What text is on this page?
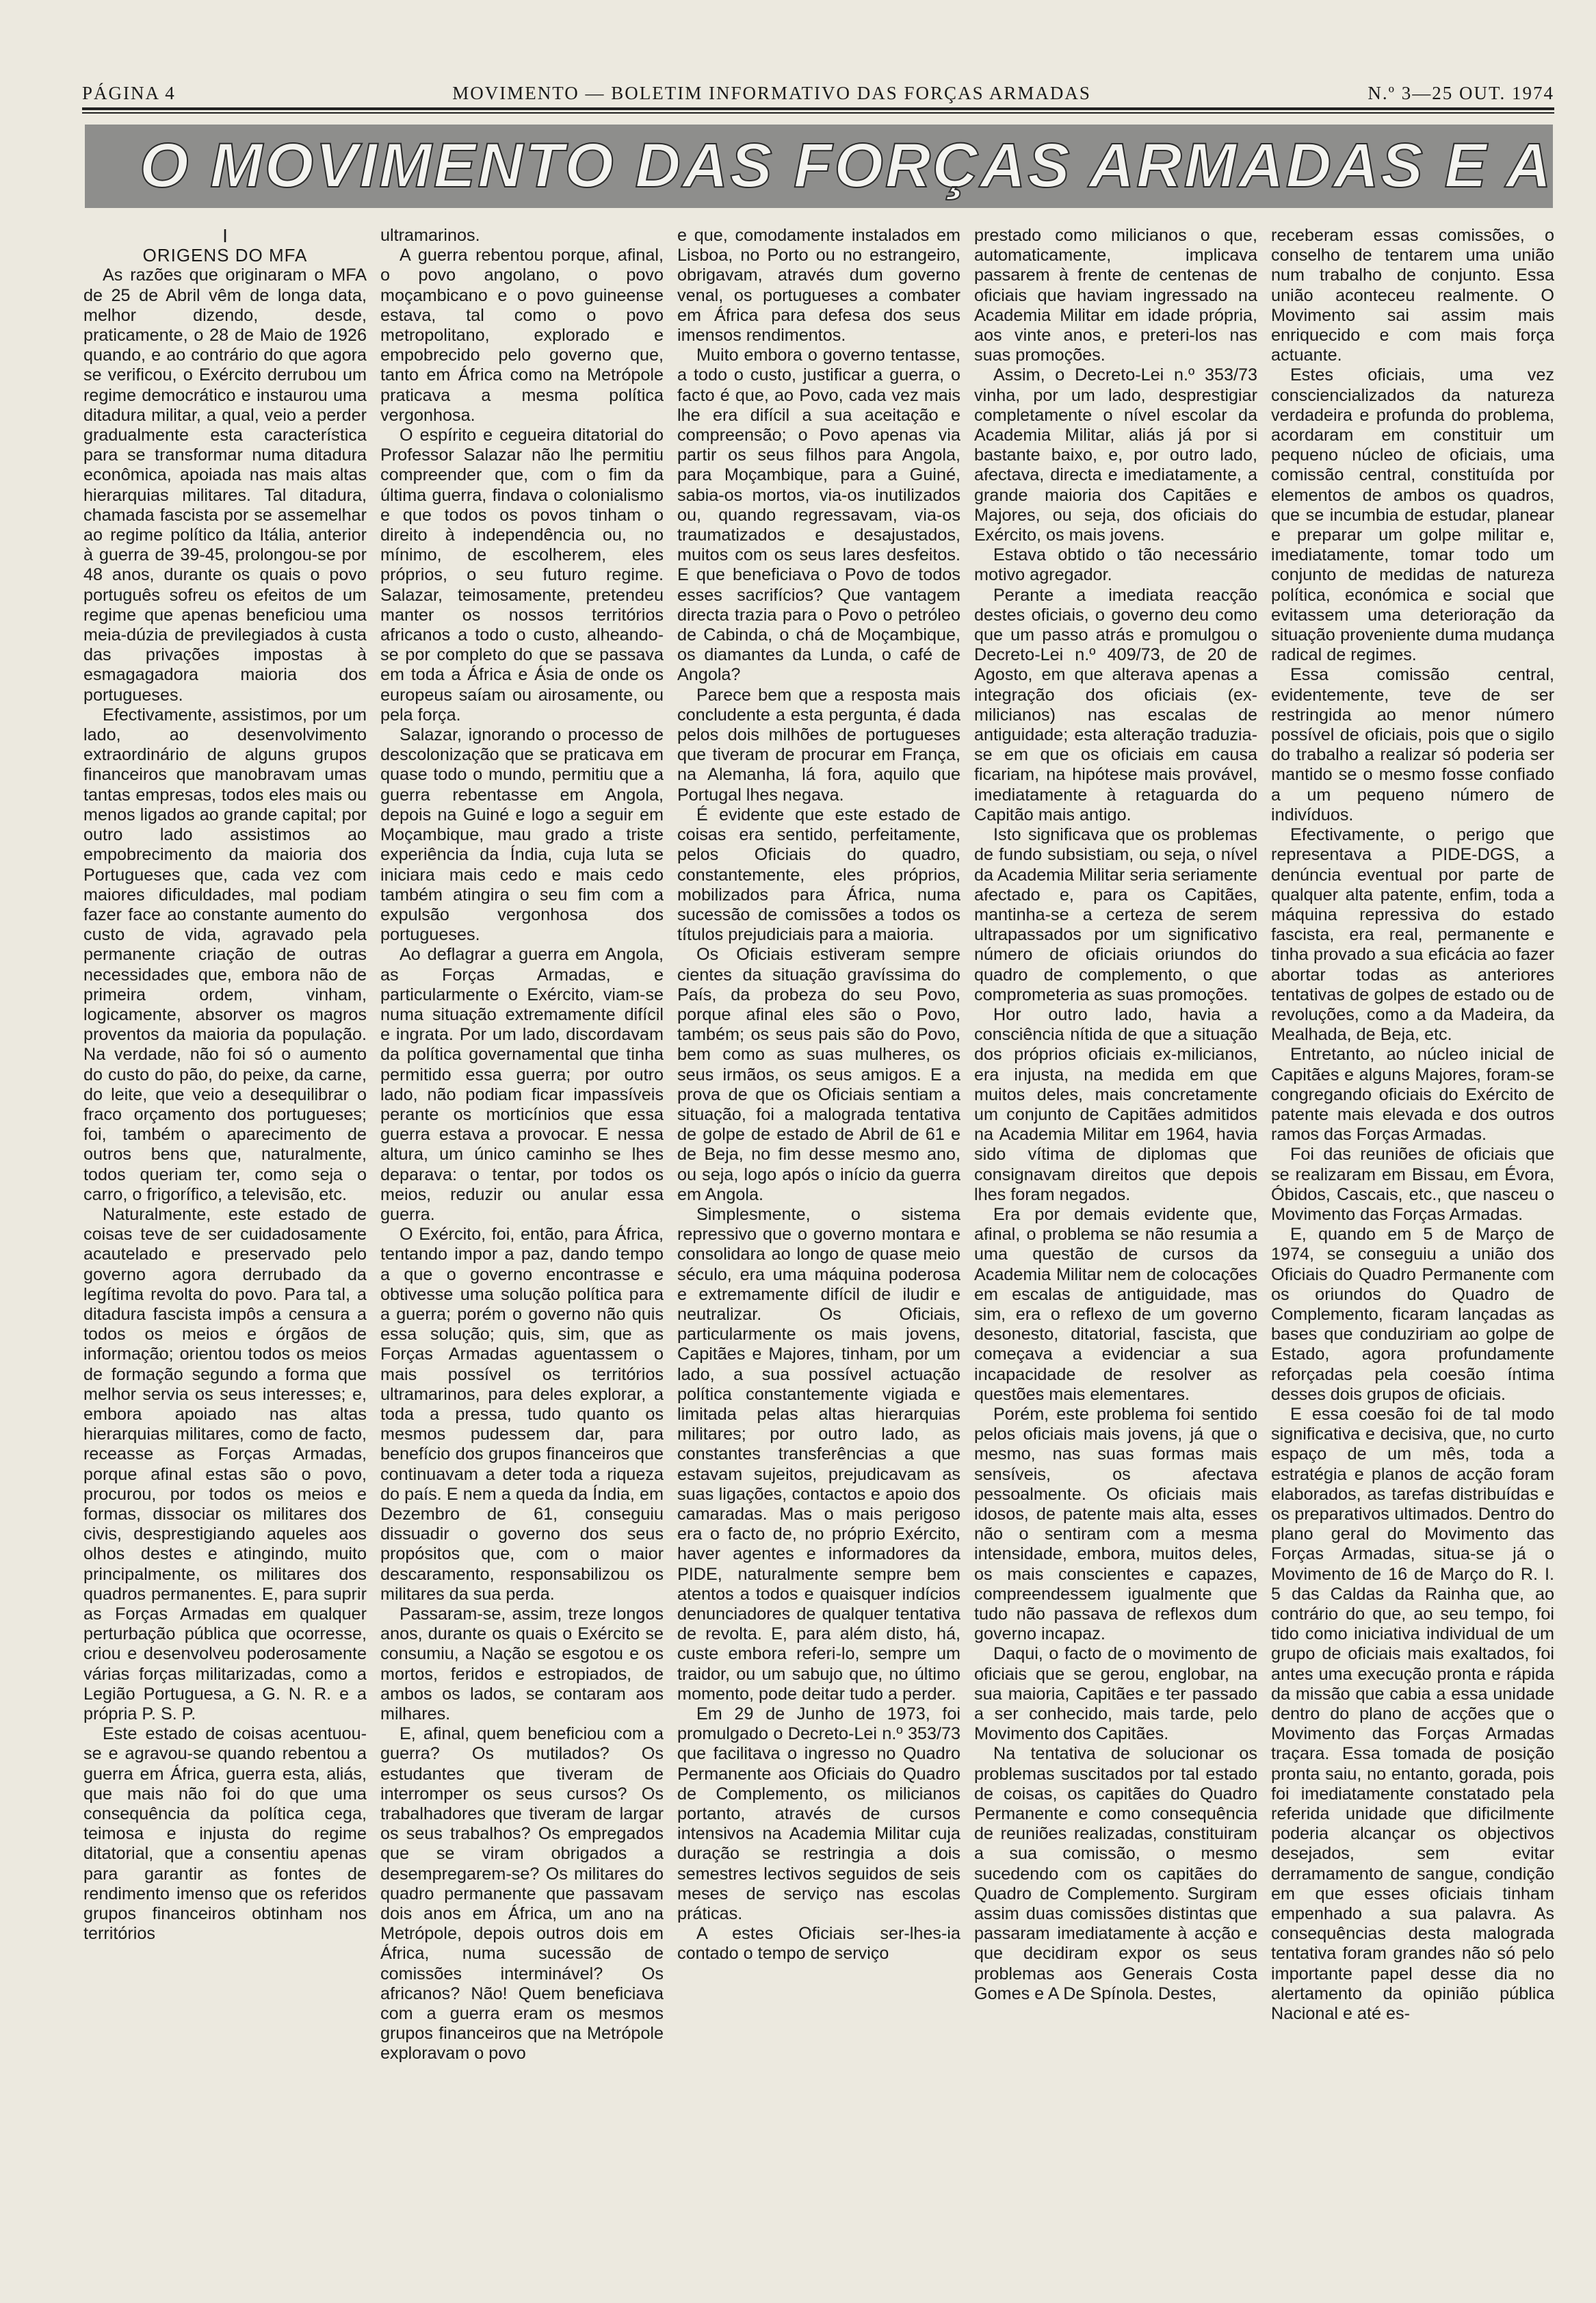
PÁGINA 4	MOVIMENTO — BOLETIM INFORMATIVO DAS FORÇAS ARMADAS	N.º 3—25 OUT. 1974
O MOVIMENTO DAS FORÇAS ARMADAS E A

I

ORIGENS DO MFA

As razões que originaram o MFA de 25 de Abril vêm de longa data, melhor dizendo, desde, praticamente, o 28 de Maio de 1926 quando, e ao contrário do que agora se verificou, o Exército derrubou um regime democrático e instaurou uma ditadura militar, a qual, veio a perder gradualmente esta característica para se transformar numa ditadura econômica, apoiada nas mais altas hierarquias militares. Tal ditadura, chamada fascista por se assemelhar ao regime político da Itália, anterior à guerra de 39-45, prolongou-se por 48 anos, durante os quais o povo português sofreu os efeitos de um regime que apenas beneficiou uma meia-dúzia de previlegiados à custa das privações impostas à esmagagadora maioria dos portugueses.

Efectivamente, assistimos, por um lado, ao desenvolvimento extraordinário de alguns grupos financeiros que manobravam umas tantas empresas, todos eles mais ou menos ligados ao grande capital; por outro lado assistimos ao empobrecimento da maioria dos Portugueses que, cada vez com maiores dificuldades, mal podiam fazer face ao constante aumento do custo de vida, agravado pela permanente criação de outras necessidades que, embora não de primeira ordem, vinham, logicamente, absorver os magros proventos da maioria da população. Na verdade, não foi só o aumento do custo do pão, do peixe, da carne, do leite, que veio a desequilibrar o fraco orçamento dos portugueses; foi, também o aparecimento de outros bens que, naturalmente, todos queriam ter, como seja o carro, o frigorífico, a televisão, etc.

Naturalmente, este estado de coisas teve de ser cuidadosamente acautelado e preservado pelo governo agora derrubado da legítima revolta do povo. Para tal, a ditadura fascista impôs a censura a todos os meios e órgãos de informação; orientou todos os meios de formação segundo a forma que melhor servia os seus interesses; e, embora apoiado nas altas hierarquias militares, como de facto, receasse as Forças Armadas, porque afinal estas são o povo, procurou, por todos os meios e formas, dissociar os militares dos civis, desprestigiando aqueles aos olhos destes e atingindo, muito principalmente, os militares dos quadros permanentes. E, para suprir as Forças Armadas em qualquer perturbação pública que ocorresse, criou e desenvolveu poderosamente várias forças militarizadas, como a Legião Portuguesa, a G. N. R. e a própria P. S. P.

Este estado de coisas acentuou-se e agravou-se quando rebentou a guerra em África, guerra esta, aliás, que mais não foi do que uma consequência da política cega, teimosa e injusta do regime ditatorial, que a consentiu apenas para garantir as fontes de rendimento imenso que os referidos grupos financeiros obtinham nos territórios

ultramarinos.

A guerra rebentou porque, afinal, o povo angolano, o povo moçambicano e o povo guineense estava, tal como o povo metropolitano, explorado e empobrecido pelo governo que, tanto em África como na Metrópole praticava a mesma política vergonhosa.

O espírito e cegueira ditatorial do Professor Salazar não lhe permitiu compreender que, com o fim da última guerra, findava o colonialismo e que todos os povos tinham o direito à independência ou, no mínimo, de escolherem, eles próprios, o seu futuro regime. Salazar, teimosamente, pretendeu manter os nossos territórios africanos a todo o custo, alheando-se por completo do que se passava em toda a África e Ásia de onde os europeus saíam ou airosamente, ou pela força.

Salazar, ignorando o processo de descolonização que se praticava em quase todo o mundo, permitiu que a guerra rebentasse em Angola, depois na Guiné e logo a seguir em Moçambique, mau grado a triste experiência da Índia, cuja luta se iniciara mais cedo e mais cedo também atingira o seu fim com a expulsão vergonhosa dos portugueses.

Ao deflagrar a guerra em Angola, as Forças Armadas, e particularmente o Exército, viam-se numa situação extremamente difícil e ingrata. Por um lado, discordavam da política governamental que tinha permitido essa guerra; por outro lado, não podiam ficar impassíveis perante os morticínios que essa guerra estava a provocar. E nessa altura, um único caminho se lhes deparava: o tentar, por todos os meios, reduzir ou anular essa guerra.

O Exército, foi, então, para África, tentando impor a paz, dando tempo a que o governo encontrasse e obtivesse uma solução política para a guerra; porém o governo não quis essa solução; quis, sim, que as Forças Armadas aguentassem o mais possível os territórios ultramarinos, para deles explorar, a toda a pressa, tudo quanto os mesmos pudessem dar, para benefício dos grupos financeiros que continuavam a deter toda a riqueza do país. E nem a queda da Índia, em Dezembro de 61, conseguiu dissuadir o governo dos seus propósitos que, com o maior descaramento, responsabilizou os militares da sua perda.

Passaram-se, assim, treze longos anos, durante os quais o Exército se consumiu, a Nação se esgotou e os mortos, feridos e estropiados, de ambos os lados, se contaram aos milhares.

E, afinal, quem beneficiou com a guerra? Os mutilados? Os estudantes que tiveram de interromper os seus cursos? Os trabalhadores que tiveram de largar os seus trabalhos? Os empregados que se viram obrigados a desempregarem-se? Os militares do quadro permanente que passavam dois anos em África, um ano na Metrópole, depois outros dois em África, numa sucessão de comissões interminável? Os africanos? Não! Quem beneficiava com a guerra eram os mesmos grupos financeiros que na Metrópole exploravam o povo

e que, comodamente instalados em Lisboa, no Porto ou no estrangeiro, obrigavam, através dum governo venal, os portugueses a combater em África para defesa dos seus imensos rendimentos.

Muito embora o governo tentasse, a todo o custo, justificar a guerra, o facto é que, ao Povo, cada vez mais lhe era difícil a sua aceitação e compreensão; o Povo apenas via partir os seus filhos para Angola, para Moçambique, para a Guiné, sabia-os mortos, via-os inutilizados ou, quando regressavam, via-os traumatizados e desajustados, muitos com os seus lares desfeitos. E que beneficiava o Povo de todos esses sacrifícios? Que vantagem directa trazia para o Povo o petróleo de Cabinda, o chá de Moçambique, os diamantes da Lunda, o café de Angola?

Parece bem que a resposta mais concludente a esta pergunta, é dada pelos dois milhões de portugueses que tiveram de procurar em França, na Alemanha, lá fora, aquilo que Portugal lhes negava.

É evidente que este estado de coisas era sentido, perfeitamente, pelos Oficiais do quadro, constantemente, eles próprios, mobilizados para África, numa sucessão de comissões a todos os títulos prejudiciais para a maioria.

Os Oficiais estiveram sempre cientes da situação gravíssima do País, da probeza do seu Povo, porque afinal eles são o Povo, também; os seus pais são do Povo, bem como as suas mulheres, os seus irmãos, os seus amigos. E a prova de que os Oficiais sentiam a situação, foi a malograda tentativa de golpe de estado de Abril de 61 e de Beja, no fim desse mesmo ano, ou seja, logo após o início da guerra em Angola.

Simplesmente, o sistema repressivo que o governo montara e consolidara ao longo de quase meio século, era uma máquina poderosa e extremamente difícil de iludir e neutralizar. Os Oficiais, particularmente os mais jovens, Capitães e Majores, tinham, por um lado, a sua possível actuação política constantemente vigiada e limitada pelas altas hierarquias militares; por outro lado, as constantes transferências a que estavam sujeitos, prejudicavam as suas ligações, contactos e apoio dos camaradas. Mas o mais perigoso era o facto de, no próprio Exército, haver agentes e informadores da PIDE, naturalmente sempre bem atentos a todos e quaisquer indícios denunciadores de qualquer tentativa de revolta. E, para além disto, há, custe embora referi-lo, sempre um traidor, ou um sabujo que, no último momento, pode deitar tudo a perder.

Em 29 de Junho de 1973, foi promulgado o Decreto-Lei n.º 353/73 que facilitava o ingresso no Quadro Permanente aos Oficiais do Quadro de Complemento, os milicianos portanto, através de cursos intensivos na Academia Militar cuja duração se restringia a dois semestres lectivos seguidos de seis meses de serviço nas escolas práticas.

A estes Oficiais ser-lhes-ia contado o tempo de serviço

prestado como milicianos o que, automaticamente, implicava passarem à frente de centenas de oficiais que haviam ingressado na Academia Militar em idade própria, aos vinte anos, e preteri-los nas suas promoções.

Assim, o Decreto-Lei n.º 353/73 vinha, por um lado, desprestigiar completamente o nível escolar da Academia Militar, aliás já por si bastante baixo, e, por outro lado, afectava, directa e imediatamente, a grande maioria dos Capitães e Majores, ou seja, dos oficiais do Exército, os mais jovens.

Estava obtido o tão necessário motivo agregador.

Perante a imediata reacção destes oficiais, o governo deu como que um passo atrás e promulgou o Decreto-Lei n.º 409/73, de 20 de Agosto, em que alterava apenas a integração dos oficiais (ex-milicianos) nas escalas de antiguidade; esta alteração traduzia-se em que os oficiais em causa ficariam, na hipótese mais provável, imediatamente à retaguarda do Capitão mais antigo.

Isto significava que os problemas de fundo subsistiam, ou seja, o nível da Academia Militar seria seriamente afectado e, para os Capitães, mantinha-se a certeza de serem ultrapassados por um significativo número de oficiais oriundos do quadro de complemento, o que comprometeria as suas promoções.

Hor outro lado, havia a consciência nítida de que a situação dos próprios oficiais ex-milicianos, era injusta, na medida em que muitos deles, mais concretamente um conjunto de Capitães admitidos na Academia Militar em 1964, havia sido vítima de diplomas que consignavam direitos que depois lhes foram negados.

Era por demais evidente que, afinal, o problema se não resumia a uma questão de cursos da Academia Militar nem de colocações em escalas de antiguidade, mas sim, era o reflexo de um governo desonesto, ditatorial, fascista, que começava a evidenciar a sua incapacidade de resolver as questões mais elementares.

Porém, este problema foi sentido pelos oficiais mais jovens, já que o mesmo, nas suas formas mais sensíveis, os afectava pessoalmente. Os oficiais mais idosos, de patente mais alta, esses não o sentiram com a mesma intensidade, embora, muitos deles, os mais conscientes e capazes, compreendessem igualmente que tudo não passava de reflexos dum governo incapaz.

Daqui, o facto de o movimento de oficiais que se gerou, englobar, na sua maioria, Capitães e ter passado a ser conhecido, mais tarde, pelo Movimento dos Capitães.

Na tentativa de solucionar os problemas suscitados por tal estado de coisas, os capitães do Quadro Permanente e como consequência de reuniões realizadas, constituiram a sua comissão, o mesmo sucedendo com os capitães do Quadro de Complemento. Surgiram assim duas comissões distintas que passaram imediatamente à acção e que decidiram expor os seus problemas aos Generais Costa Gomes e A De Spínola. Destes,

receberam essas comissões, o conselho de tentarem uma união num trabalho de conjunto. Essa união aconteceu realmente. O Movimento sai assim mais enriquecido e com mais força actuante.

Estes oficiais, uma vez consciencializados da natureza verdadeira e profunda do problema, acordaram em constituir um pequeno núcleo de oficiais, uma comissão central, constituída por elementos de ambos os quadros, que se incumbia de estudar, planear e preparar um golpe militar e, imediatamente, tomar todo um conjunto de medidas de natureza política, económica e social que evitassem uma deterioração da situação proveniente duma mudança radical de regimes.

Essa comissão central, evidentemente, teve de ser restringida ao menor número possível de oficiais, pois que o sigilo do trabalho a realizar só poderia ser mantido se o mesmo fosse confiado a um pequeno número de indivíduos.

Efectivamente, o perigo que representava a PIDE-DGS, a denúncia eventual por parte de qualquer alta patente, enfim, toda a máquina repressiva do estado fascista, era real, permanente e tinha provado a sua eficácia ao fazer abortar todas as anteriores tentativas de golpes de estado ou de revoluções, como a da Madeira, da Mealhada, de Beja, etc.

Entretanto, ao núcleo inicial de Capitães e alguns Majores, foram-se congregando oficiais do Exército de patente mais elevada e dos outros ramos das Forças Armadas.

Foi das reuniões de oficiais que se realizaram em Bissau, em Évora, Óbidos, Cascais, etc., que nasceu o Movimento das Forças Armadas.

E, quando em 5 de Março de 1974, se conseguiu a união dos Oficiais do Quadro Permanente com os oriundos do Quadro de Complemento, ficaram lançadas as bases que conduziriam ao golpe de Estado, agora profundamente reforçadas pela coesão íntima desses dois grupos de oficiais.

E essa coesão foi de tal modo significativa e decisiva, que, no curto espaço de um mês, toda a estratégia e planos de acção foram elaborados, as tarefas distribuídas e os preparativos ultimados. Dentro do plano geral do Movimento das Forças Armadas, situa-se já o Movimento de 16 de Março do R. I. 5 das Caldas da Rainha que, ao contrário do que, ao seu tempo, foi tido como iniciativa individual de um grupo de oficiais mais exaltados, foi antes uma execução pronta e rápida da missão que cabia a essa unidade dentro do plano de acções que o Movimento das Forças Armadas traçara. Essa tomada de posição pronta saiu, no entanto, gorada, pois foi imediatamente constatado pela referida unidade que dificilmente poderia alcançar os objectivos desejados, sem evitar derramamento de sangue, condição em que esses oficiais tinham empenhado a sua palavra. As consequências desta malograda tentativa foram grandes não só pelo importante papel desse dia no alertamento da opinião pública Nacional e até es-
